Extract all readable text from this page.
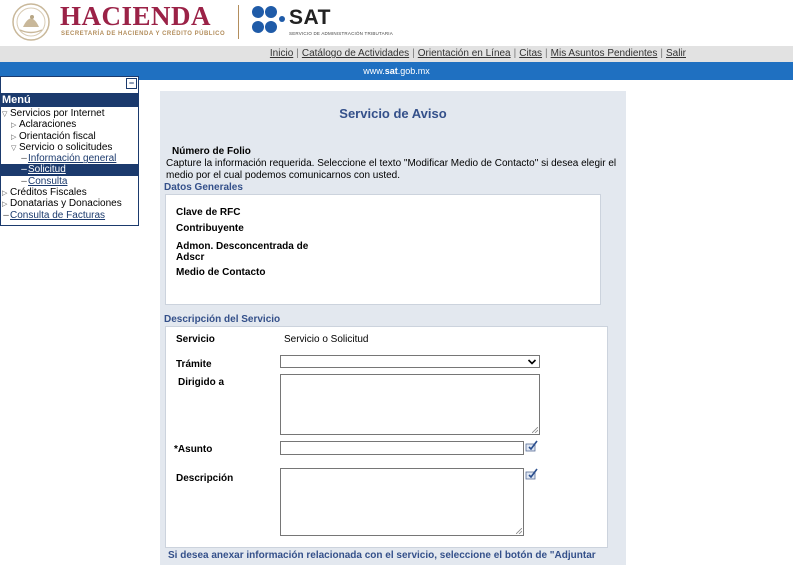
HACIENDA
SECRETARÍA DE HACIENDA Y CRÉDITO PÚBLICO
SAT
SERVICIO DE ADMINISTRACIÓN TRIBUTARIA
Inicio | Catálogo de Actividades | Orientación en Línea | Citas | Mis Asuntos Pendientes | Salir
www.sat.gob.mx
−
Menú
▽ Servicios por Internet
▷ Aclaraciones
▷ Orientación fiscal
▽ Servicio o solicitudes
–Información general
–Solicitud
–Consulta
▷ Créditos Fiscales
▷ Donatarias y Donaciones
–Consulta de Facturas
Servicio de Aviso
Número de Folio
Capture la información requerida. Seleccione el texto "Modificar Medio de Contacto" si desea elegir el medio por el cual podemos comunicarnos con usted.
Datos Generales
Clave de RFC
Contribuyente
Admon. Desconcentrada de Adscr
Medio de Contacto
Descripción del Servicio
Servicio	Servicio o Solicitud
Trámite
Dirigido a
*Asunto
Descripción
Si desea anexar información relacionada con el servicio, seleccione el botón de "Adjuntar
